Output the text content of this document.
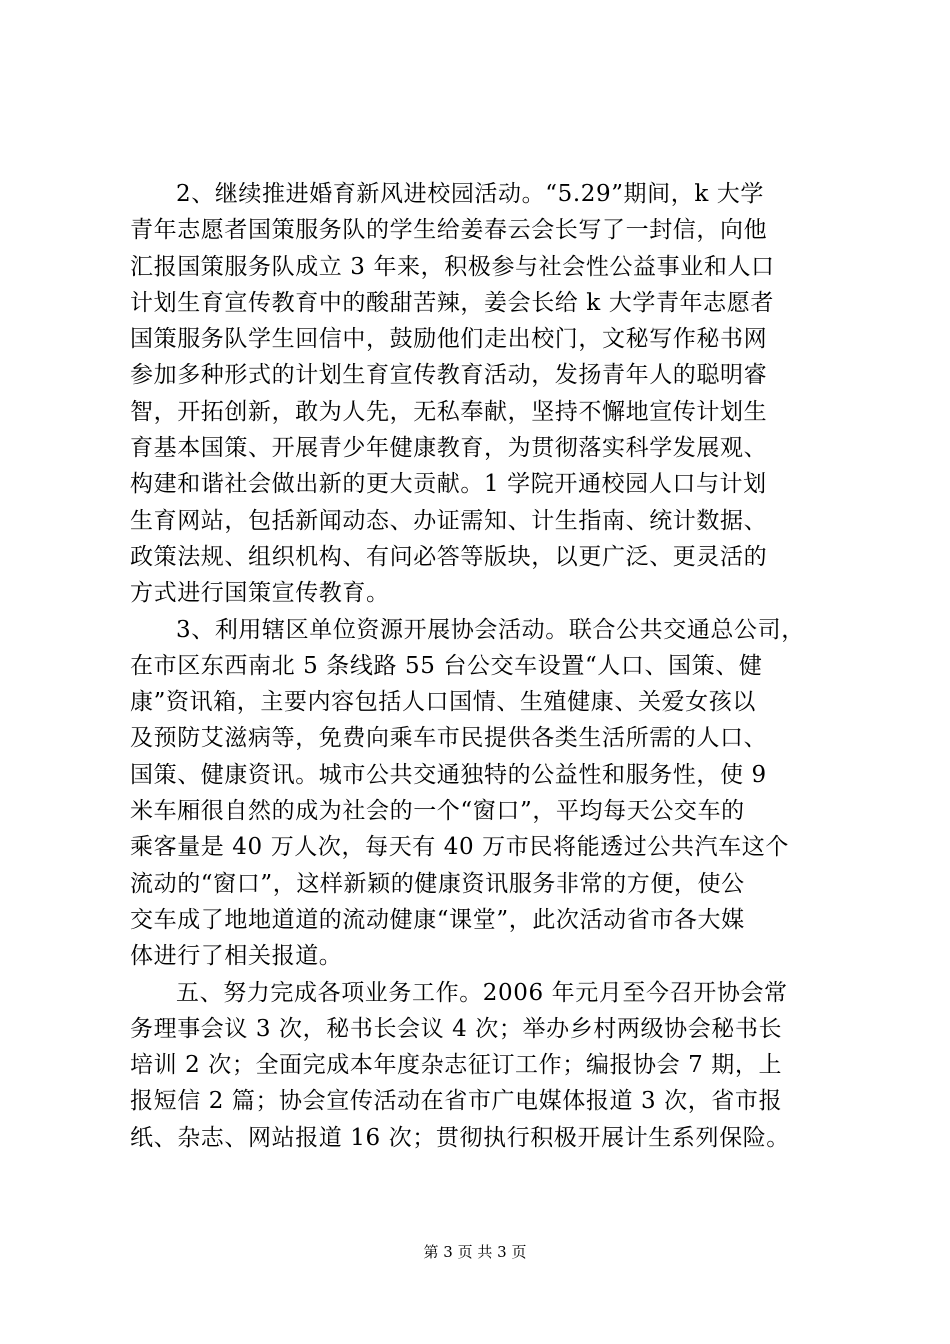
2、继续推进婚育新风进校园活动。“5.29”期间，k 大学
青年志愿者国策服务队的学生给姜春云会长写了一封信，向他
汇报国策服务队成立 3 年来，积极参与社会性公益事业和人口
计划生育宣传教育中的酸甜苦辣，姜会长给 k 大学青年志愿者
国策服务队学生回信中，鼓励他们走出校门，文秘写作秘书网
参加多种形式的计划生育宣传教育活动，发扬青年人的聪明睿
智，开拓创新，敢为人先，无私奉献，坚持不懈地宣传计划生
育基本国策、开展青少年健康教育，为贯彻落实科学发展观、
构建和谐社会做出新的更大贡献。1 学院开通校园人口与计划
生育网站，包括新闻动态、办证需知、计生指南、统计数据、
政策法规、组织机构、有问必答等版块，以更广泛、更灵活的
方式进行国策宣传教育。
3、利用辖区单位资源开展协会活动。联合公共交通总公司，
在市区东西南北 5 条线路 55 台公交车设置“人口、国策、健
康”资讯箱，主要内容包括人口国情、生殖健康、关爱女孩以
及预防艾滋病等，免费向乘车市民提供各类生活所需的人口、
国策、健康资讯。城市公共交通独特的公益性和服务性，使 9
米车厢很自然的成为社会的一个“窗口”，平均每天公交车的
乘客量是 40 万人次，每天有 40 万市民将能透过公共汽车这个
流动的“窗口”，这样新颖的健康资讯服务非常的方便，使公
交车成了地地道道的流动健康“课堂”，此次活动省市各大媒
体进行了相关报道。
五、努力完成各项业务工作。2006 年元月至今召开协会常
务理事会议 3 次，秘书长会议 4 次；举办乡村两级协会秘书长
培训 2 次；全面完成本年度杂志征订工作；编报协会 7 期，上
报短信 2 篇；协会宣传活动在省市广电媒体报道 3 次，省市报
纸、杂志、网站报道 16 次；贯彻执行积极开展计生系列保险。
第 3 页 共 3 页
